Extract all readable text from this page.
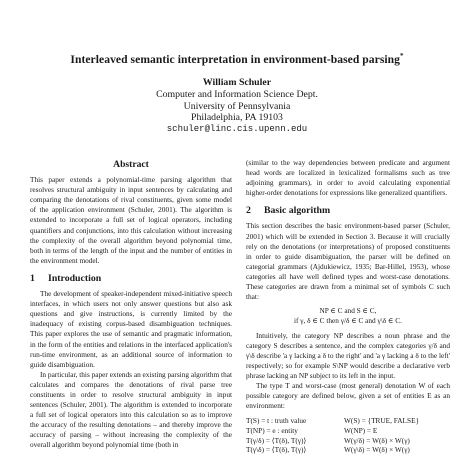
Interleaved semantic interpretation in environment-based parsing*
William Schuler
Computer and Information Science Dept.
University of Pennsylvania
Philadelphia, PA 19103
schuler@linc.cis.upenn.edu
Abstract

This paper extends a polynomial-time parsing algorithm that resolves structural ambiguity in input sentences by calculating and comparing the denotations of rival constituents, given some model of the application environment (Schuler, 2001). The algorithm is extended to incorporate a full set of logical operators, including quantifiers and conjunctions, into this calculation without increasing the complexity of the overall algorithm beyond polynomial time, both in terms of the length of the input and the number of entities in the environment model.

1 Introduction

The development of speaker-independent mixed-initiative speech interfaces, in which users not only answer questions but also ask questions and give instructions, is currently limited by the inadequacy of existing corpus-based disambiguation techniques. This paper explores the use of semantic and pragmatic information, in the form of the entities and relations in the interfaced application's run-time environment, as an additional source of information to guide disambiguation.

In particular, this paper extends an existing parsing algorithm that calculates and compares the denotations of rival parse tree constituents in order to resolve structural ambiguity in input sentences (Schuler, 2001). The algorithm is extended to incorporate a full set of logical operators into this calculation so as to improve the accuracy of the resulting denotations – and thereby improve the accuracy of parsing – without increasing the complexity of the overall algorithm beyond polynomial time (both in

(similar to the way dependencies between predicate and argument head words are localized in lexicalized formalisms such as tree adjoining grammars), in order to avoid calculating exponential higher-order denotations for expressions like generalized quantifiers.

2 Basic algorithm

This section describes the basic environment-based parser (Schuler, 2001) which will be extended in Section 3. Because it will crucially rely on the denotations (or interpretations) of proposed constituents in order to guide disambiguation, the parser will be defined on categorial grammars (Ajdukiewicz, 1935; Bar-Hillel, 1953), whose categories all have well defined types and worst-case denotations. These categories are drawn from a minimal set of symbols C such that:

NP ∈ C and S ∈ C,
if γ, δ ∈ C then γ/δ ∈ C and γ\δ ∈ C.

Intuitively, the category NP describes a noun phrase and the category S describes a sentence, and the complex categories γ/δ and γ\δ describe 'a γ lacking a δ to the right' and 'a γ lacking a δ to the left' respectively; so for example S\NP would describe a declarative verb phrase lacking an NP subject to its left in the input.

The type T and worst-case (most general) denotation W of each possible category are defined below, given a set of entities E as an environment:

T(S) = t : truth value	W(S) = {TRUE, FALSE}
T(NP) = e : entity	W(NP) = E
T(γ/δ) = ⟨T(δ), T(γ)⟩	W(γ/δ) = W(δ) × W(γ)
T(γ\δ) = ⟨T(δ), T(γ)⟩	W(γ\δ) = W(δ) × W(γ)
